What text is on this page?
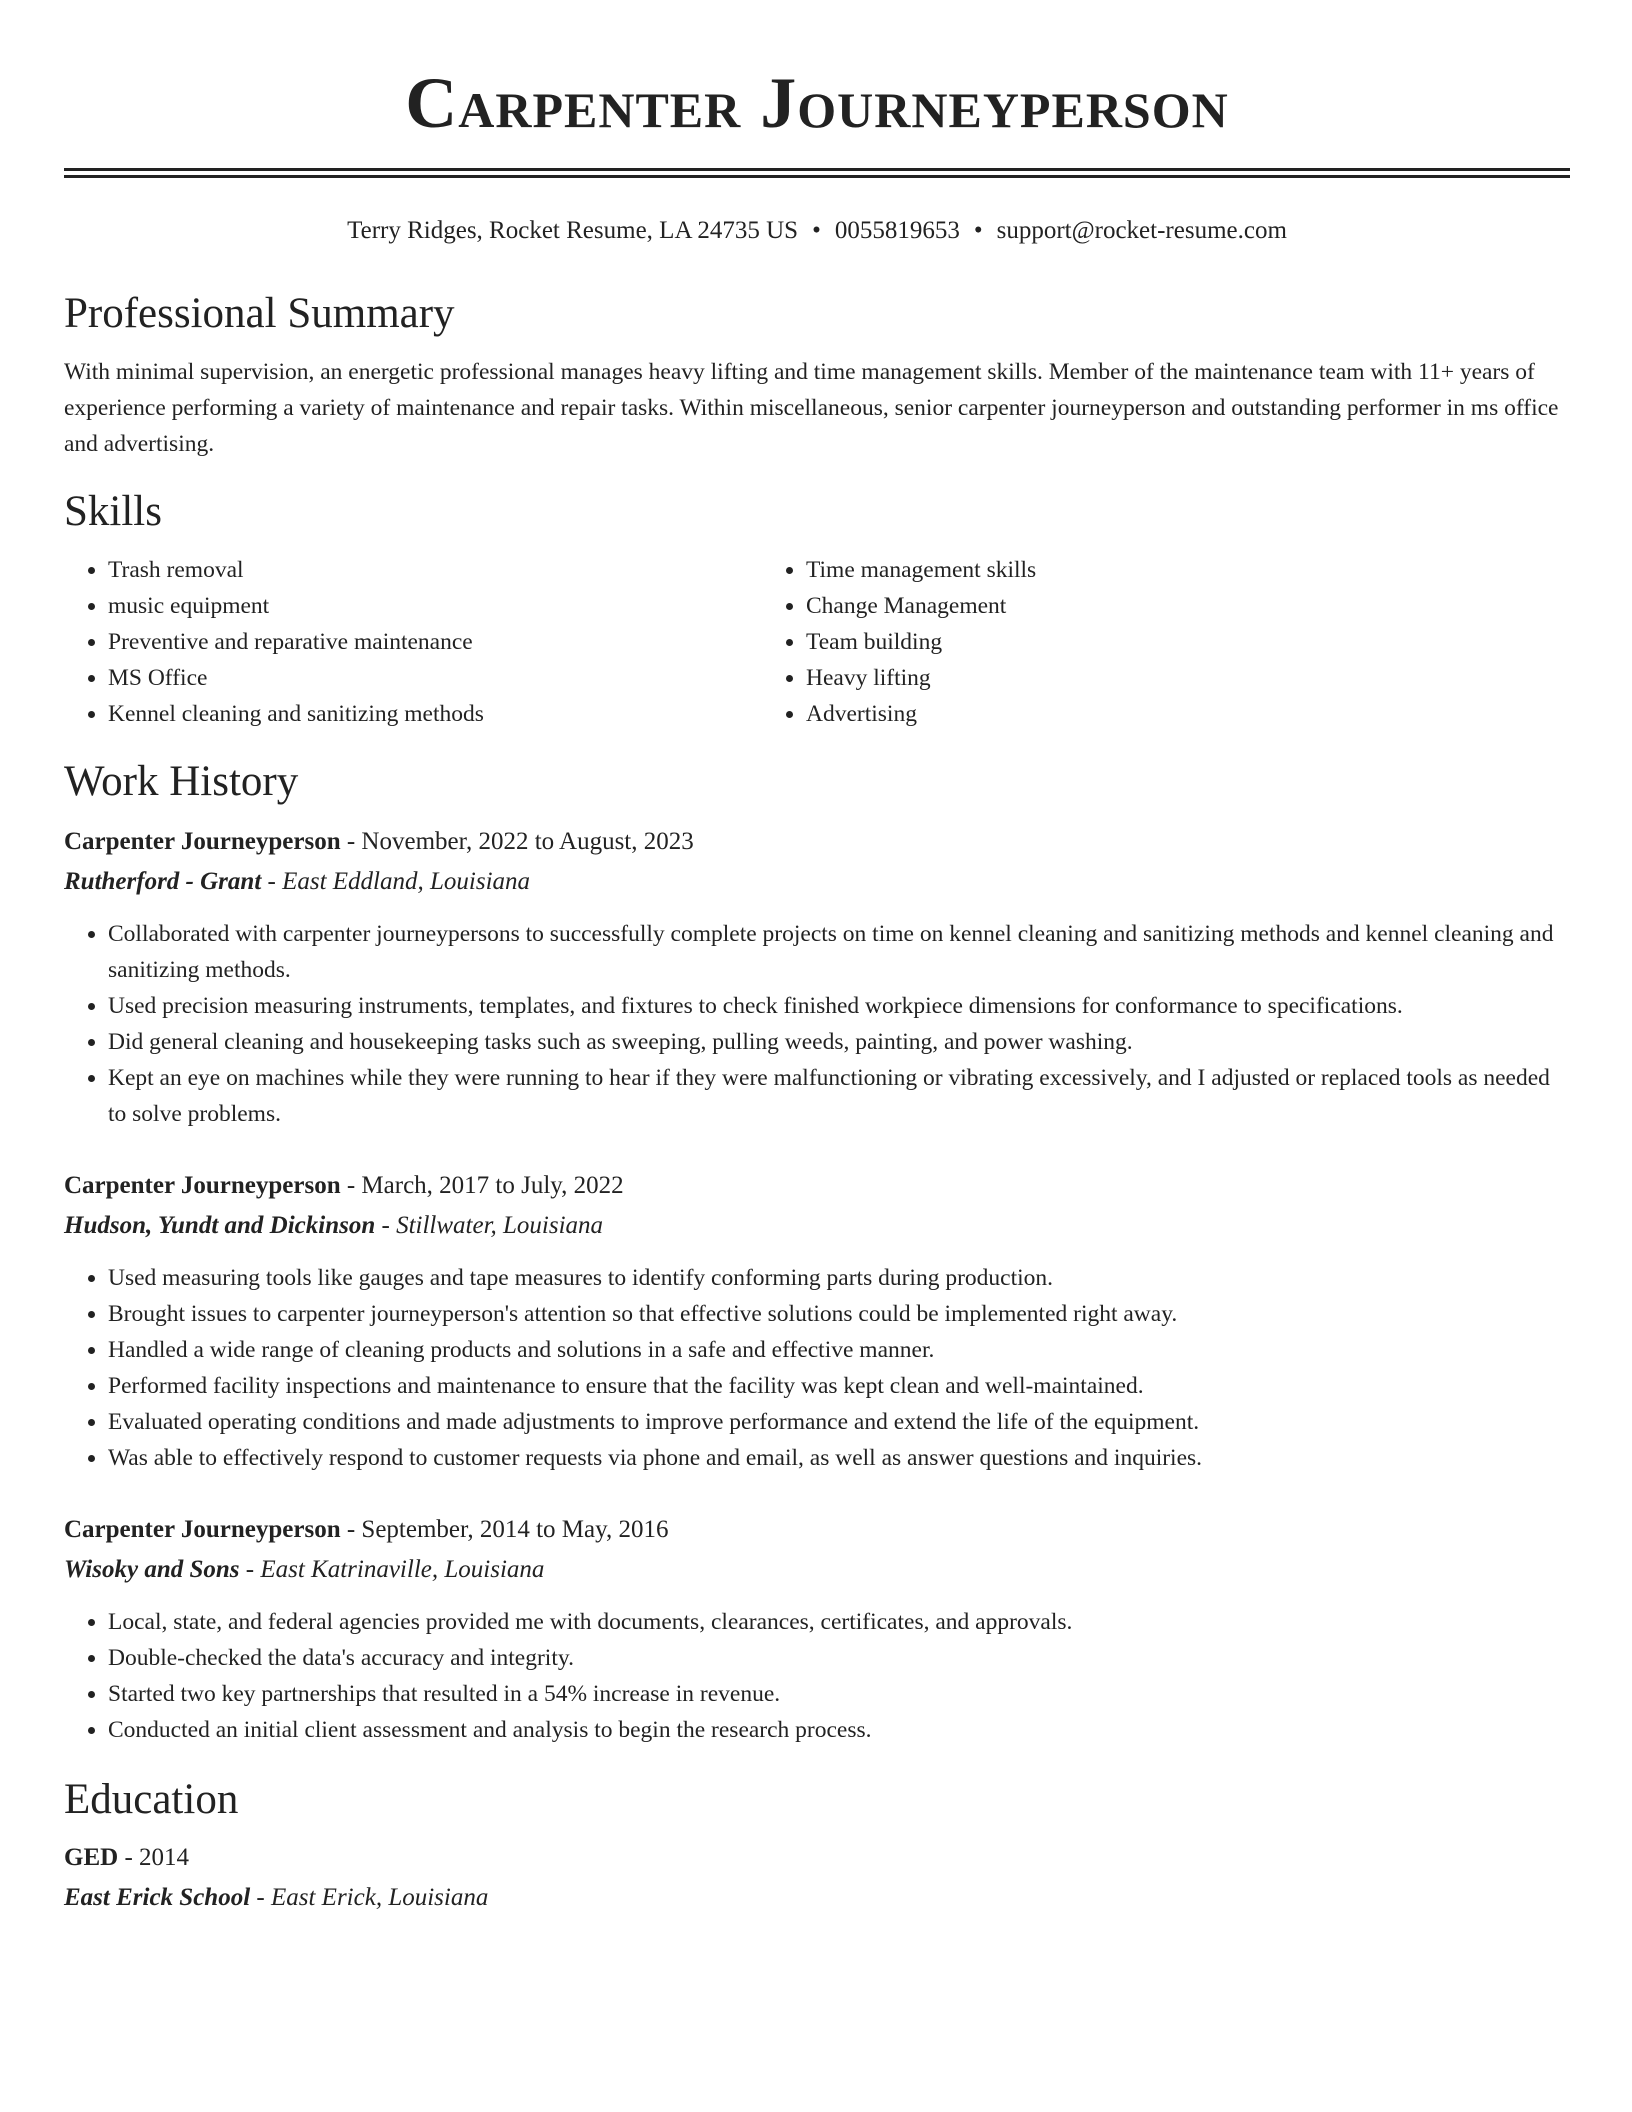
Carpenter Journeyperson
Terry Ridges, Rocket Resume, LA 24735 US • 0055819653 • support@rocket-resume.com
Professional Summary

With minimal supervision, an energetic professional manages heavy lifting and time management skills. Member of the maintenance team with 11+ years of experience performing a variety of maintenance and repair tasks. Within miscellaneous, senior carpenter journeyperson and outstanding performer in ms office and advertising.

Skills
• Trash removal
• music equipment
• Preventive and reparative maintenance
• MS Office
• Kennel cleaning and sanitizing methods
• Time management skills
• Change Management
• Team building
• Heavy lifting
• Advertising
Work History
Carpenter Journeyperson - November, 2022 to August, 2023
Rutherford - Grant - East Eddland, Louisiana
• Collaborated with carpenter journeypersons to successfully complete projects on time on kennel cleaning and sanitizing methods and kennel cleaning and sanitizing methods.
• Used precision measuring instruments, templates, and fixtures to check finished workpiece dimensions for conformance to specifications.
• Did general cleaning and housekeeping tasks such as sweeping, pulling weeds, painting, and power washing.
• Kept an eye on machines while they were running to hear if they were malfunctioning or vibrating excessively, and I adjusted or replaced tools as needed to solve problems.
Carpenter Journeyperson - March, 2017 to July, 2022
Hudson, Yundt and Dickinson - Stillwater, Louisiana
• Used measuring tools like gauges and tape measures to identify conforming parts during production.
• Brought issues to carpenter journeyperson's attention so that effective solutions could be implemented right away.
• Handled a wide range of cleaning products and solutions in a safe and effective manner.
• Performed facility inspections and maintenance to ensure that the facility was kept clean and well-maintained.
• Evaluated operating conditions and made adjustments to improve performance and extend the life of the equipment.
• Was able to effectively respond to customer requests via phone and email, as well as answer questions and inquiries.
Carpenter Journeyperson - September, 2014 to May, 2016
Wisoky and Sons - East Katrinaville, Louisiana
• Local, state, and federal agencies provided me with documents, clearances, certificates, and approvals.
• Double-checked the data's accuracy and integrity.
• Started two key partnerships that resulted in a 54% increase in revenue.
• Conducted an initial client assessment and analysis to begin the research process.
Education
GED - 2014
East Erick School - East Erick, Louisiana
